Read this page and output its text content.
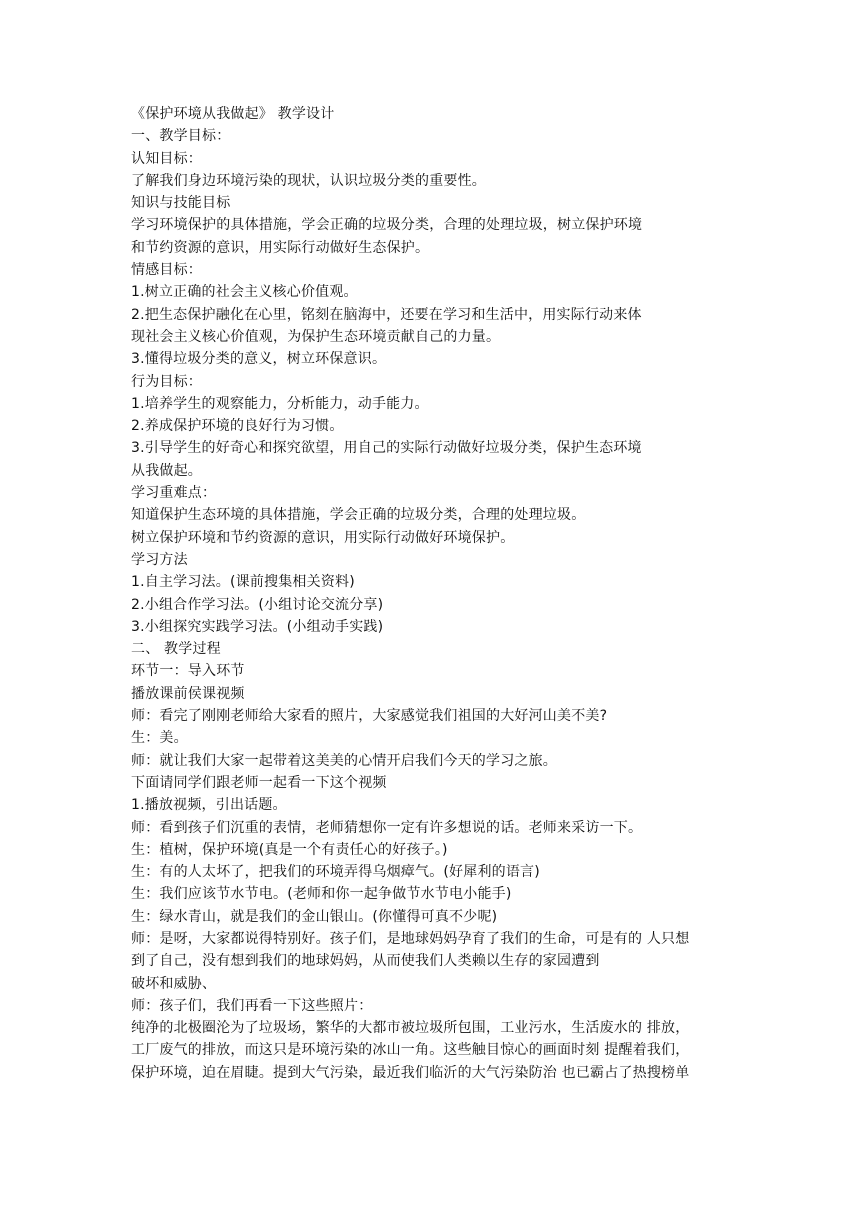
《保护环境从我做起》 教学设计
一、教学目标：
认知目标：
了解我们身边环境污染的现状，认识垃圾分类的重要性。
知识与技能目标
学习环境保护的具体措施，学会正确的垃圾分类，合理的处理垃圾，树立保护环境
和节约资源的意识，用实际行动做好生态保护。
情感目标：
1.树立正确的社会主义核心价值观。
2.把生态保护融化在心里，铭刻在脑海中，还要在学习和生活中，用实际行动来体
现社会主义核心价值观，为保护生态环境贡献自己的力量。
3.懂得垃圾分类的意义，树立环保意识。
行为目标：
1.培养学生的观察能力，分析能力，动手能力。
2.养成保护环境的良好行为习惯。
3.引导学生的好奇心和探究欲望，用自己的实际行动做好垃圾分类，保护生态环境
从我做起。
学习重难点：
知道保护生态环境的具体措施，学会正确的垃圾分类，合理的处理垃圾。
树立保护环境和节约资源的意识，用实际行动做好环境保护。
学习方法
1.自主学习法。(课前搜集相关资料)
2.小组合作学习法。(小组讨论交流分享)
3.小组探究实践学习法。(小组动手实践)
二、 教学过程
环节一：导入环节
播放课前侯课视频
师：看完了刚刚老师给大家看的照片，大家感觉我们祖国的大好河山美不美?
生：美。
师：就让我们大家一起带着这美美的心情开启我们今天的学习之旅。
下面请同学们跟老师一起看一下这个视频
1.播放视频，引出话题。
师：看到孩子们沉重的表情，老师猜想你一定有许多想说的话。老师来采访一下。
生：植树，保护环境(真是一个有责任心的好孩子。)
生：有的人太坏了，把我们的环境弄得乌烟瘴气。(好犀利的语言)
生：我们应该节水节电。(老师和你一起争做节水节电小能手)
生：绿水青山，就是我们的金山银山。(你懂得可真不少呢)
师：是呀，大家都说得特别好。孩子们，是地球妈妈孕育了我们的生命，可是有的 人只想
到了自己，没有想到我们的地球妈妈，从而使我们人类赖以生存的家园遭到
破坏和威胁、
师：孩子们，我们再看一下这些照片：
纯净的北极圈沦为了垃圾场，繁华的大都市被垃圾所包围，工业污水，生活废水的 排放，
工厂废气的排放，而这只是环境污染的冰山一角。这些触目惊心的画面时刻 提醒着我们，
保护环境，迫在眉睫。提到大气污染，最近我们临沂的大气污染防治 也已霸占了热搜榜单
